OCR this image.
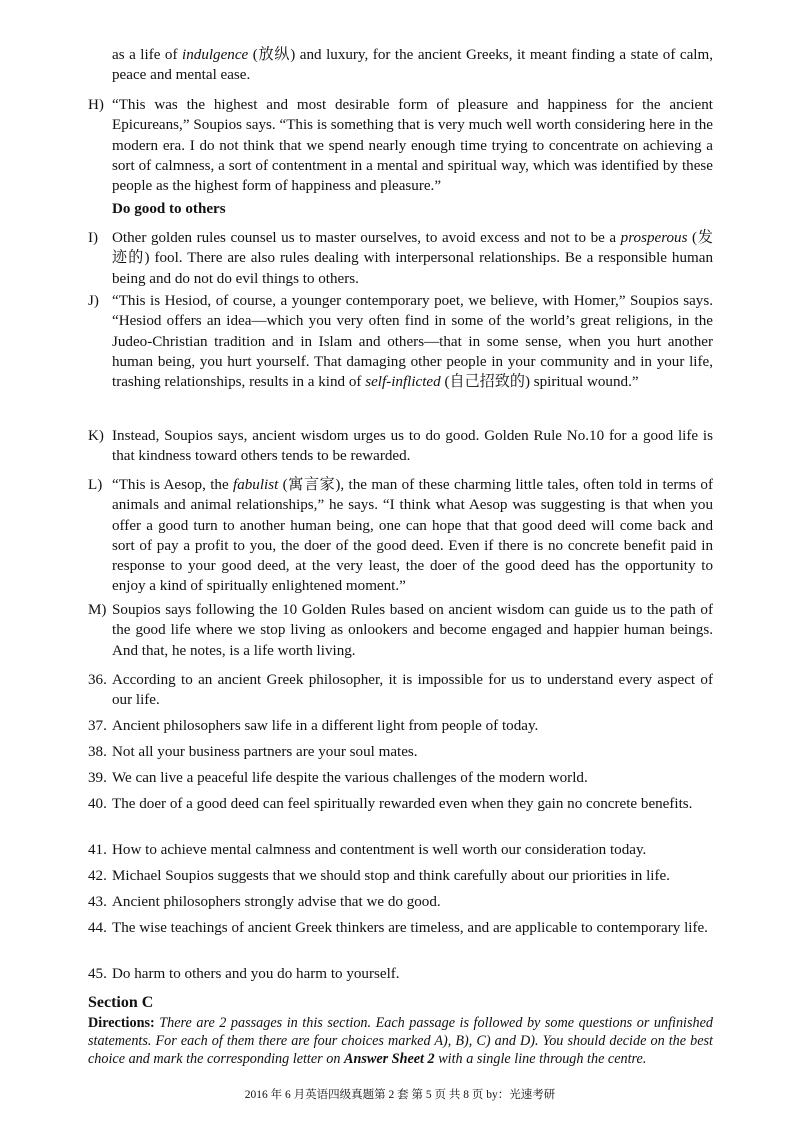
as a life of indulgence (放纵) and luxury, for the ancient Greeks, it meant finding a state of calm, peace and mental ease.
H) “This was the highest and most desirable form of pleasure and happiness for the ancient Epicureans,” Soupios says. “This is something that is very much well worth considering here in the modern era. I do not think that we spend nearly enough time trying to concentrate on achieving a sort of calmness, a sort of contentment in a mental and spiritual way, which was identified by these people as the highest form of happiness and pleasure.”
Do good to others
I) Other golden rules counsel us to master ourselves, to avoid excess and not to be a prosperous (发迹的) fool. There are also rules dealing with interpersonal relationships. Be a responsible human being and do not do evil things to others.
J) “This is Hesiod, of course, a younger contemporary poet, we believe, with Homer,” Soupios says. “Hesiod offers an idea—which you very often find in some of the world’s great religions, in the Judeo-Christian tradition and in Islam and others—that in some sense, when you hurt another human being, you hurt yourself. That damaging other people in your community and in your life, trashing relationships, results in a kind of self-inflicted (自己招致的) spiritual wound.”
K) Instead, Soupios says, ancient wisdom urges us to do good. Golden Rule No.10 for a good life is that kindness toward others tends to be rewarded.
L) “This is Aesop, the fabulist (寓言家), the man of these charming little tales, often told in terms of animals and animal relationships,” he says. “I think what Aesop was suggesting is that when you offer a good turn to another human being, one can hope that that good deed will come back and sort of pay a profit to you, the doer of the good deed. Even if there is no concrete benefit paid in response to your good deed, at the very least, the doer of the good deed has the opportunity to enjoy a kind of spiritually enlightened moment.”
M) Soupios says following the 10 Golden Rules based on ancient wisdom can guide us to the path of the good life where we stop living as onlookers and become engaged and happier human beings. And that, he notes, is a life worth living.
36. According to an ancient Greek philosopher, it is impossible for us to understand every aspect of our life.
37. Ancient philosophers saw life in a different light from people of today.
38. Not all your business partners are your soul mates.
39. We can live a peaceful life despite the various challenges of the modern world.
40. The doer of a good deed can feel spiritually rewarded even when they gain no concrete benefits.
41. How to achieve mental calmness and contentment is well worth our consideration today.
42. Michael Soupios suggests that we should stop and think carefully about our priorities in life.
43. Ancient philosophers strongly advise that we do good.
44. The wise teachings of ancient Greek thinkers are timeless, and are applicable to contemporary life.
45. Do harm to others and you do harm to yourself.
Section C
Directions: There are 2 passages in this section. Each passage is followed by some questions or unfinished statements. For each of them there are four choices marked A), B), C) and D). You should decide on the best choice and mark the corresponding letter on Answer Sheet 2 with a single line through the centre.
2016 年 6 月英语四级真题第 2 套 第 5 页 共 8 页 by：光速考研
